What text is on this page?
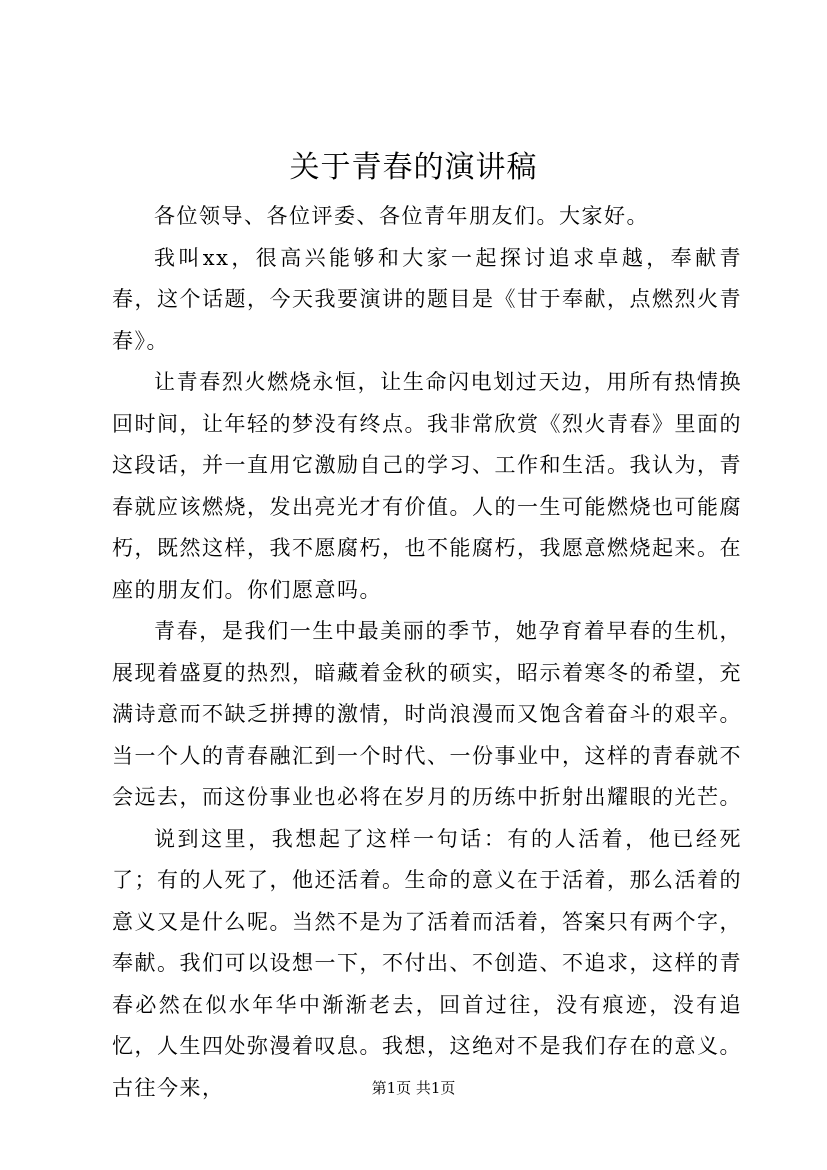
关于青春的演讲稿

各位领导、各位评委、各位青年朋友们。大家好。

我叫xx，很高兴能够和大家一起探讨追求卓越，奉献青春，这个话题，今天我要演讲的题目是《甘于奉献，点燃烈火青春》。

让青春烈火燃烧永恒，让生命闪电划过天边，用所有热情换回时间，让年轻的梦没有终点。我非常欣赏《烈火青春》里面的这段话，并一直用它激励自己的学习、工作和生活。我认为，青春就应该燃烧，发出亮光才有价值。人的一生可能燃烧也可能腐朽，既然这样，我不愿腐朽，也不能腐朽，我愿意燃烧起来。在座的朋友们。你们愿意吗。

青春，是我们一生中最美丽的季节，她孕育着早春的生机，展现着盛夏的热烈，暗藏着金秋的硕实，昭示着寒冬的希望，充满诗意而不缺乏拼搏的激情，时尚浪漫而又饱含着奋斗的艰辛。当一个人的青春融汇到一个时代、一份事业中，这样的青春就不会远去，而这份事业也必将在岁月的历练中折射出耀眼的光芒。

说到这里，我想起了这样一句话：有的人活着，他已经死了；有的人死了，他还活着。生命的意义在于活着，那么活着的意义又是什么呢。当然不是为了活着而活着，答案只有两个字，奉献。我们可以设想一下，不付出、不创造、不追求，这样的青春必然在似水年华中渐渐老去，回首过往，没有痕迹，没有追忆，人生四处弥漫着叹息。我想，这绝对不是我们存在的意义。古往今来，	第1页 共1页
